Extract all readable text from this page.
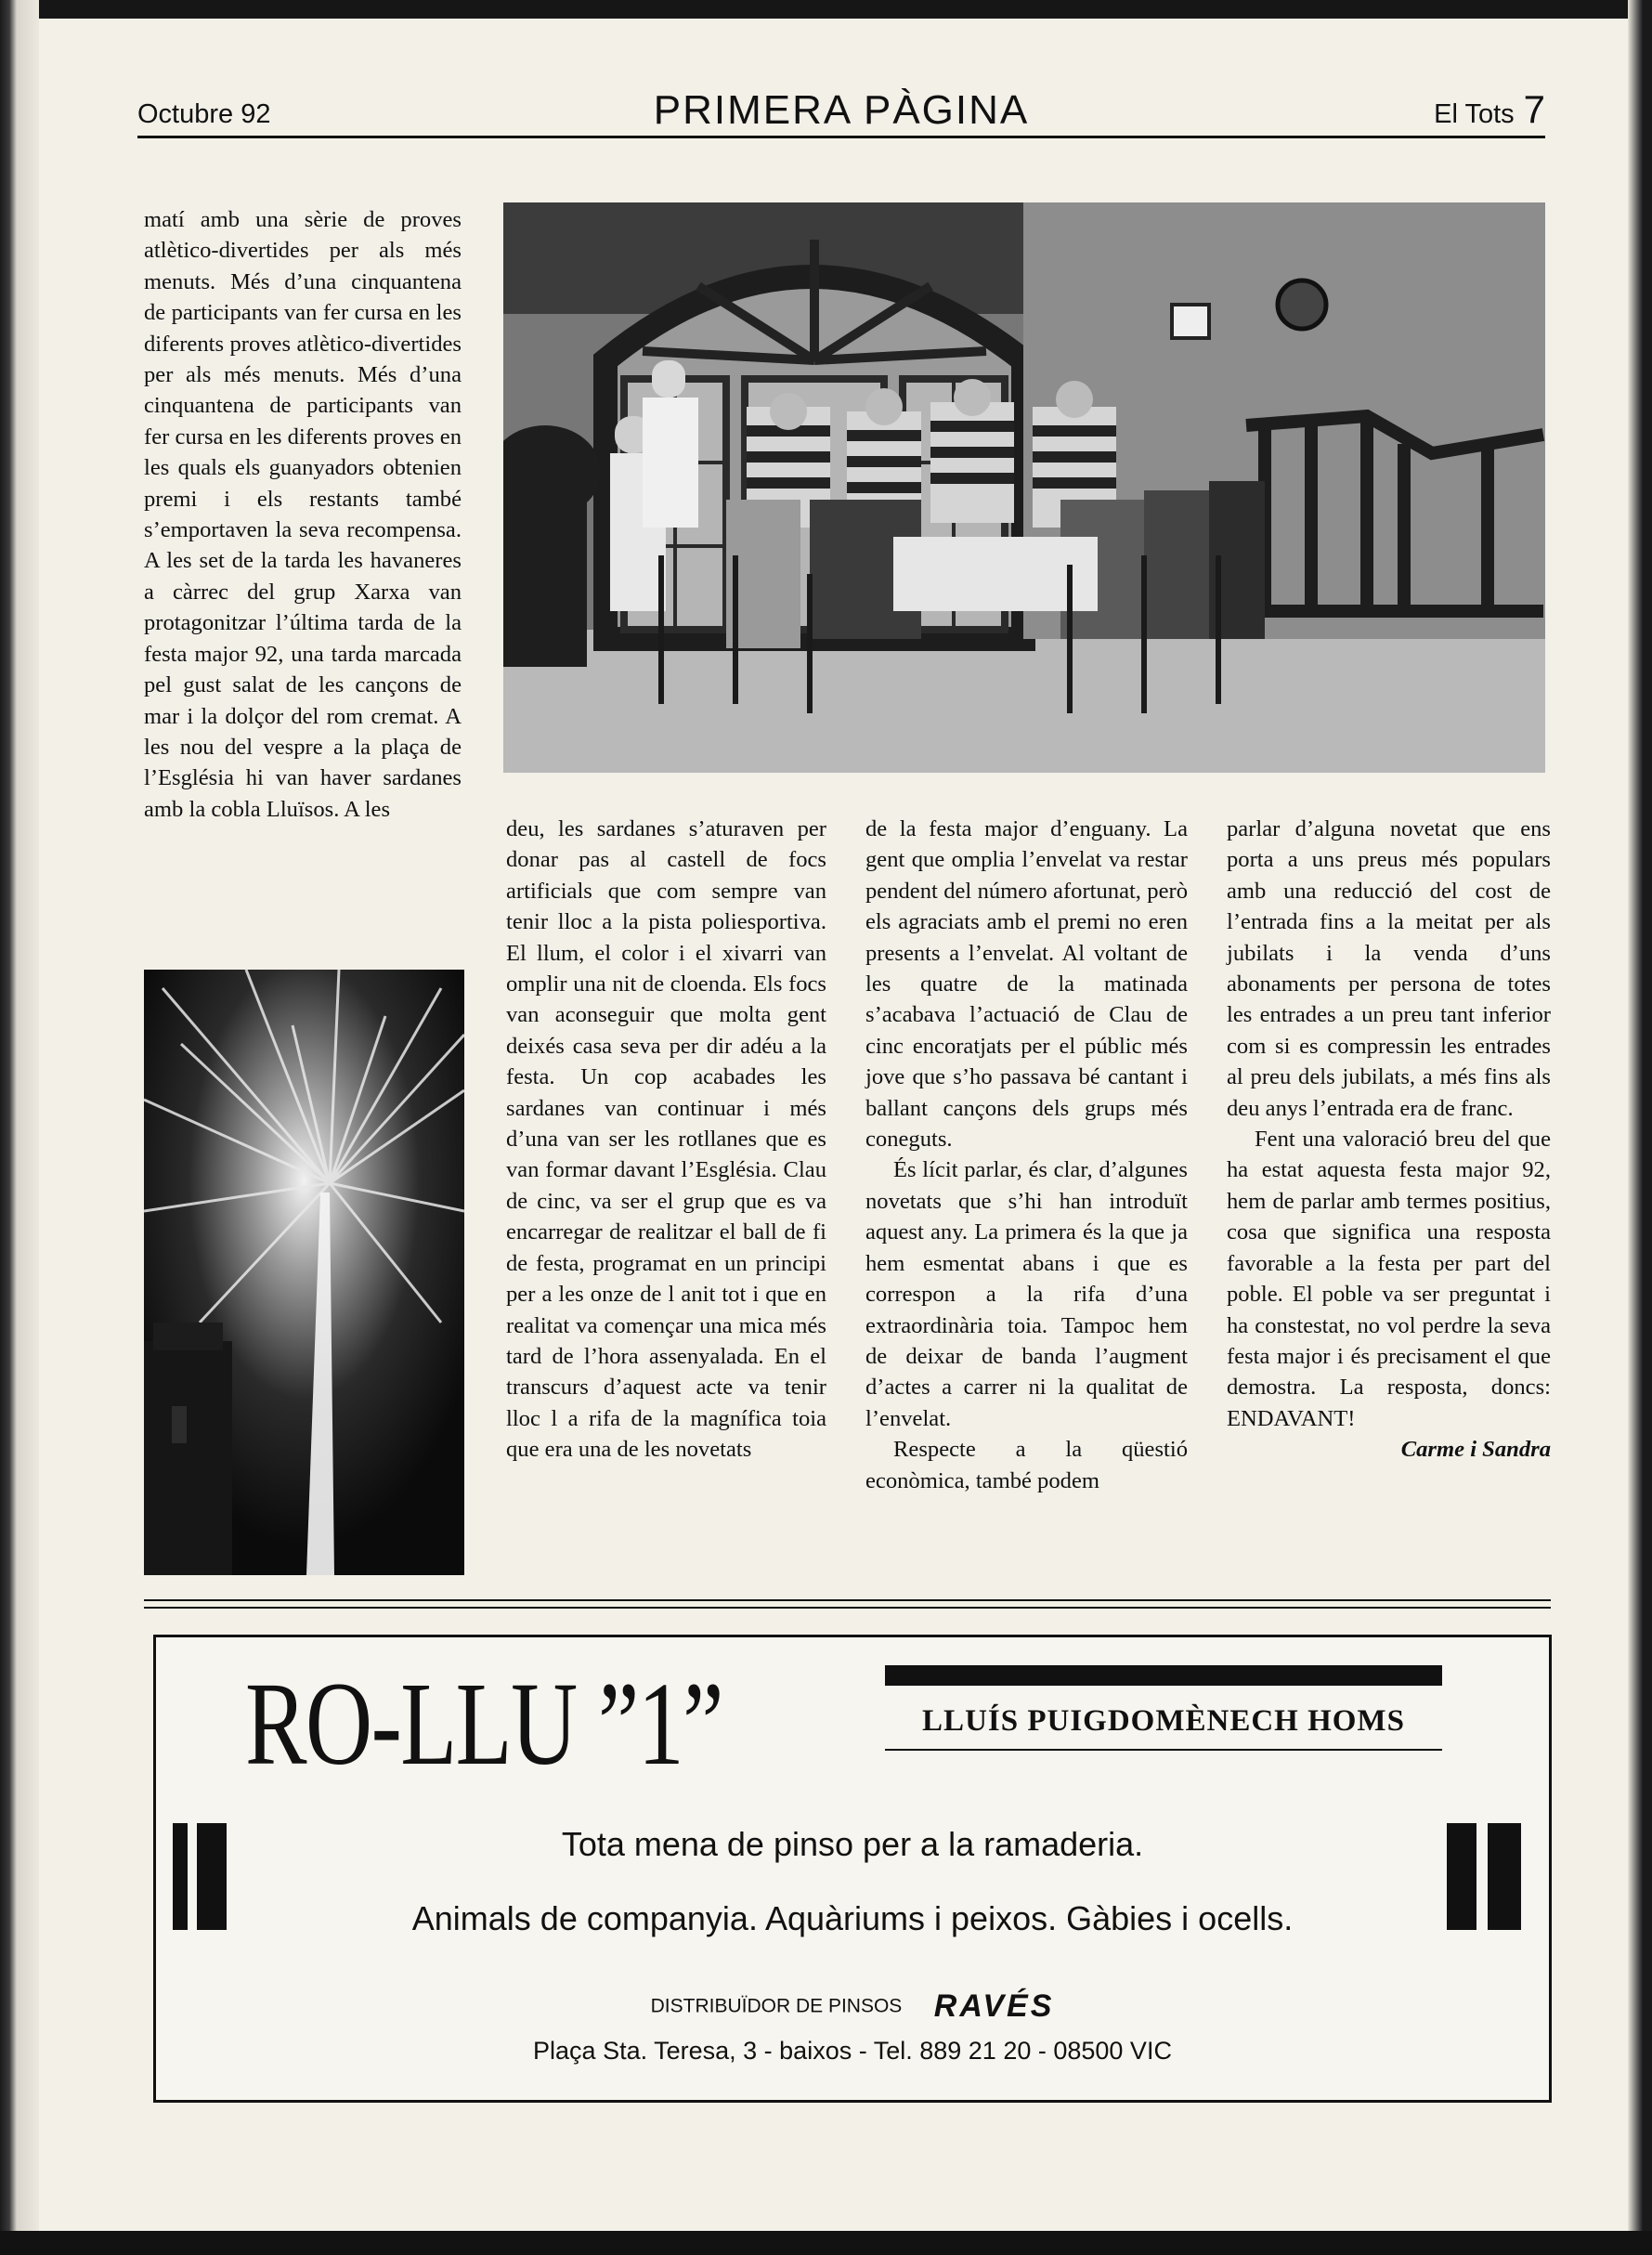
Octubre 92	PRIMERA PÀGINA	El Tots 7

matí amb una sèrie de proves atlètico-divertides per als més menuts. Més d’una cinquantena de participants van fer cursa en les diferents proves atlètico-divertides per als més menuts. Més d’una cinquantena de participants van fer cursa en les diferents proves en les quals els guanyadors obtenien premi i els restants també s’emportaven la seva recompensa. A les set de la tarda les havaneres a càrrec del grup Xarxa van protagonitzar l’última tarda de la festa major 92, una tarda marcada pel gust salat de les cançons de mar i la dolçor del rom cremat. A les nou del vespre a la plaça de l’Església hi van haver sardanes amb la cobla Lluïsos. A les

deu, les sardanes s’aturaven per donar pas al castell de focs artificials que com sempre van tenir lloc a la pista poliesportiva. El llum, el color i el xivarri van omplir una nit de cloenda. Els focs van aconseguir que molta gent deixés casa seva per dir adéu a la festa. Un cop acabades les sardanes van continuar i més d’una van ser les rotllanes que es van formar davant l’Església. Clau de cinc, va ser el grup que es va encarregar de realitzar el ball de fi de festa, programat en un principi per a les onze de l anit tot i que en realitat va començar una mica més tard de l’hora assenyalada. En el transcurs d’aquest acte va tenir lloc l a rifa de la magnífica toia que era una de les novetats

de la festa major d’enguany. La gent que omplia l’envelat va restar pendent del número afortunat, però els agraciats amb el premi no eren presents a l’envelat. Al voltant de les quatre de la matinada s’acabava l’actuació de Clau de cinc encoratjats per el públic més jove que s’ho passava bé cantant i ballant cançons dels grups més coneguts.

És lícit parlar, és clar, d’algunes novetats que s’hi han introduït aquest any. La primera és la que ja hem esmentat abans i que es correspon a la rifa d’una extraordinària toia. Tampoc hem de deixar de banda l’augment d’actes a carrer ni la qualitat de l’envelat.

Respecte a la qüestió econòmica, també podem

parlar d’alguna novetat que ens porta a uns preus més populars amb una reducció del cost de l’entrada fins a la meitat per als jubilats i la venda d’uns abonaments per persona de totes les entrades a un preu tant inferior com si es compressin les entrades al preu dels jubilats, a més fins als deu anys l’entrada era de franc.

Fent una valoració breu del que ha estat aquesta festa major 92, hem de parlar amb termes positius, cosa que significa una resposta favorable a la festa per part del poble. El poble va ser preguntat i ha constestat, no vol perdre la seva festa major i és precisament el que demostra. La resposta, doncs: ENDAVANT!

Carme i Sandra

RO-LLU ”1”	LLUÍS PUIGDOMÈNECH HOMS
Tota mena de pinso per a la ramaderia.
Animals de companyia. Aquàriums i peixos. Gàbies i ocells.
DISTRIBUÏDOR DE PINSOS RAVÉS
Plaça Sta. Teresa, 3 - baixos - Tel. 889 21 20 - 08500 VIC
